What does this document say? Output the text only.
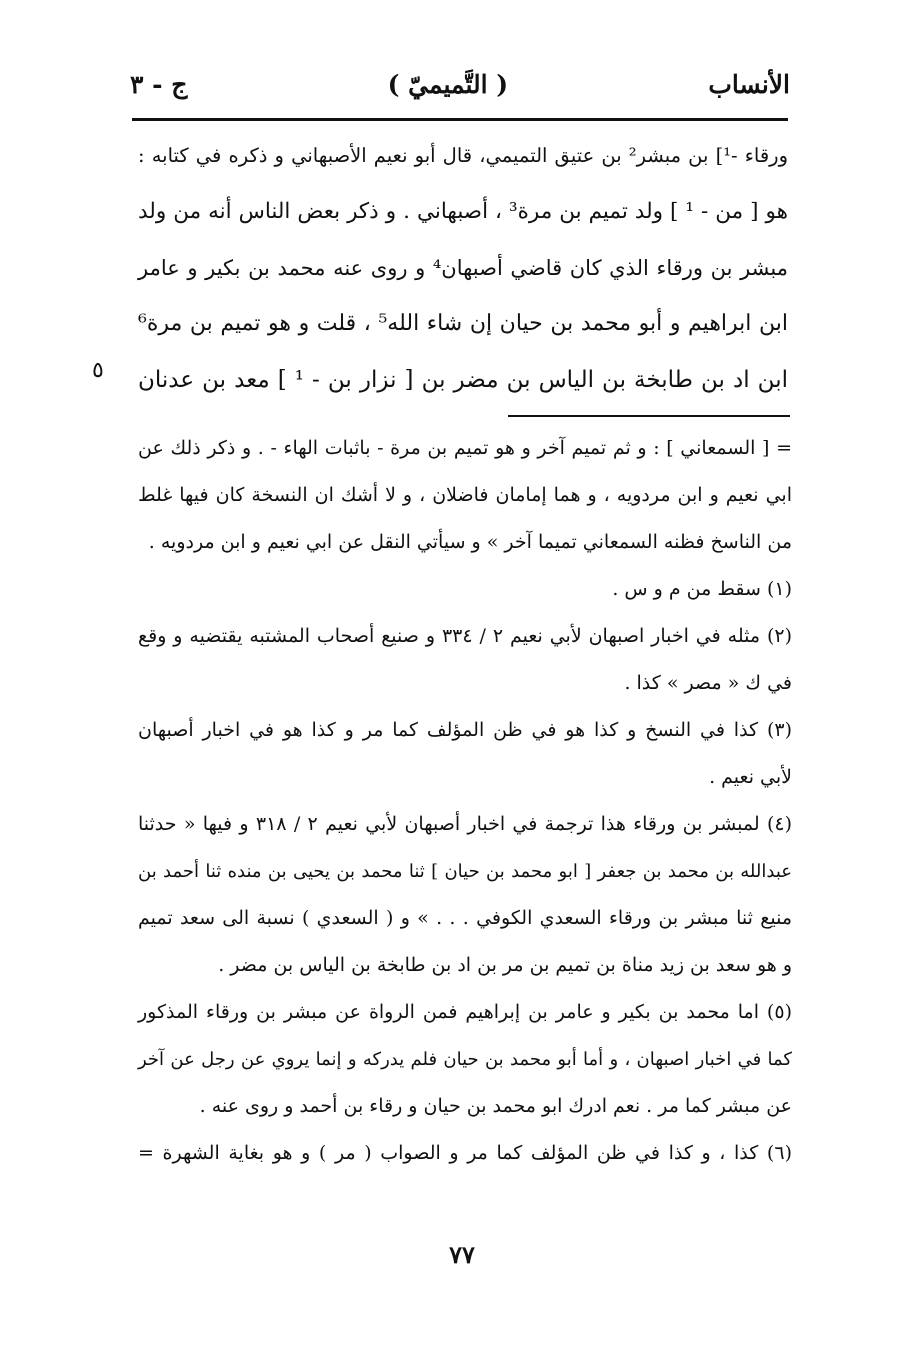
الأنساب
( التَّميميّ )
ج - ٣
ورقاء -¹] بن مبشر² بن عتيق التميمي، قال أبو نعيم الأصبهاني و ذكره في كتابه :
هو [ من - ¹ ] ولد تميم بن مرة³ ، أصبهاني . و ذكر بعض الناس أنه من ولد
مبشر بن ورقاء الذي كان قاضي أصبهان⁴ و روى عنه محمد بن بكير و عامر
ابن ابراهيم و أبو محمد بن حيان إن شاء الله⁵ ، قلت و هو تميم بن مرة⁶
ابن اد بن طابخة بن الياس بن مضر بن [ نزار بن - ¹ ] معد بن عدنان
٥
= [ السمعاني ] : و ثم تميم آخر و هو تميم بن مرة - باثبات الهاء - . و ذكر ذلك عن
ابي نعيم و ابن مردويه ، و هما إمامان فاضلان ، و لا أشك ان النسخة كان فيها غلط
من الناسخ فظنه السمعاني تميما آخر » و سيأتي النقل عن ابي نعيم و ابن مردويه .
(١) سقط من م و س .
(٢) مثله في اخبار اصبهان لأبي نعيم ٢ / ٣٣٤ و صنيع أصحاب المشتبه يقتضيه و وقع
في ك « مصر » كذا .
(٣) كذا في النسخ و كذا هو في ظن المؤلف كما مر و كذا هو في اخبار أصبهان
لأبي نعيم .
(٤) لمبشر بن ورقاء هذا ترجمة في اخبار أصبهان لأبي نعيم ٢ / ٣١٨ و فيها « حدثنا
عبدالله بن محمد بن جعفر [ ابو محمد بن حيان ] ثنا محمد بن يحيى بن منده ثنا أحمد بن
منيع ثنا مبشر بن ورقاء السعدي الكوفي . . . » و ( السعدي ) نسبة الى سعد تميم
و هو سعد بن زيد مناة بن تميم بن مر بن اد بن طابخة بن الياس بن مضر .
(٥) اما محمد بن بكير و عامر بن إبراهيم فمن الرواة عن مبشر بن ورقاء المذكور
كما في اخبار اصبهان ، و أما أبو محمد بن حيان فلم يدركه و إنما يروي عن رجل عن آخر
عن مبشر كما مر . نعم ادرك ابو محمد بن حيان و رقاء بن أحمد و روى عنه .
(٦) كذا ، و كذا في ظن المؤلف كما مر و الصواب ( مر ) و هو بغاية الشهرة =
٧٧
